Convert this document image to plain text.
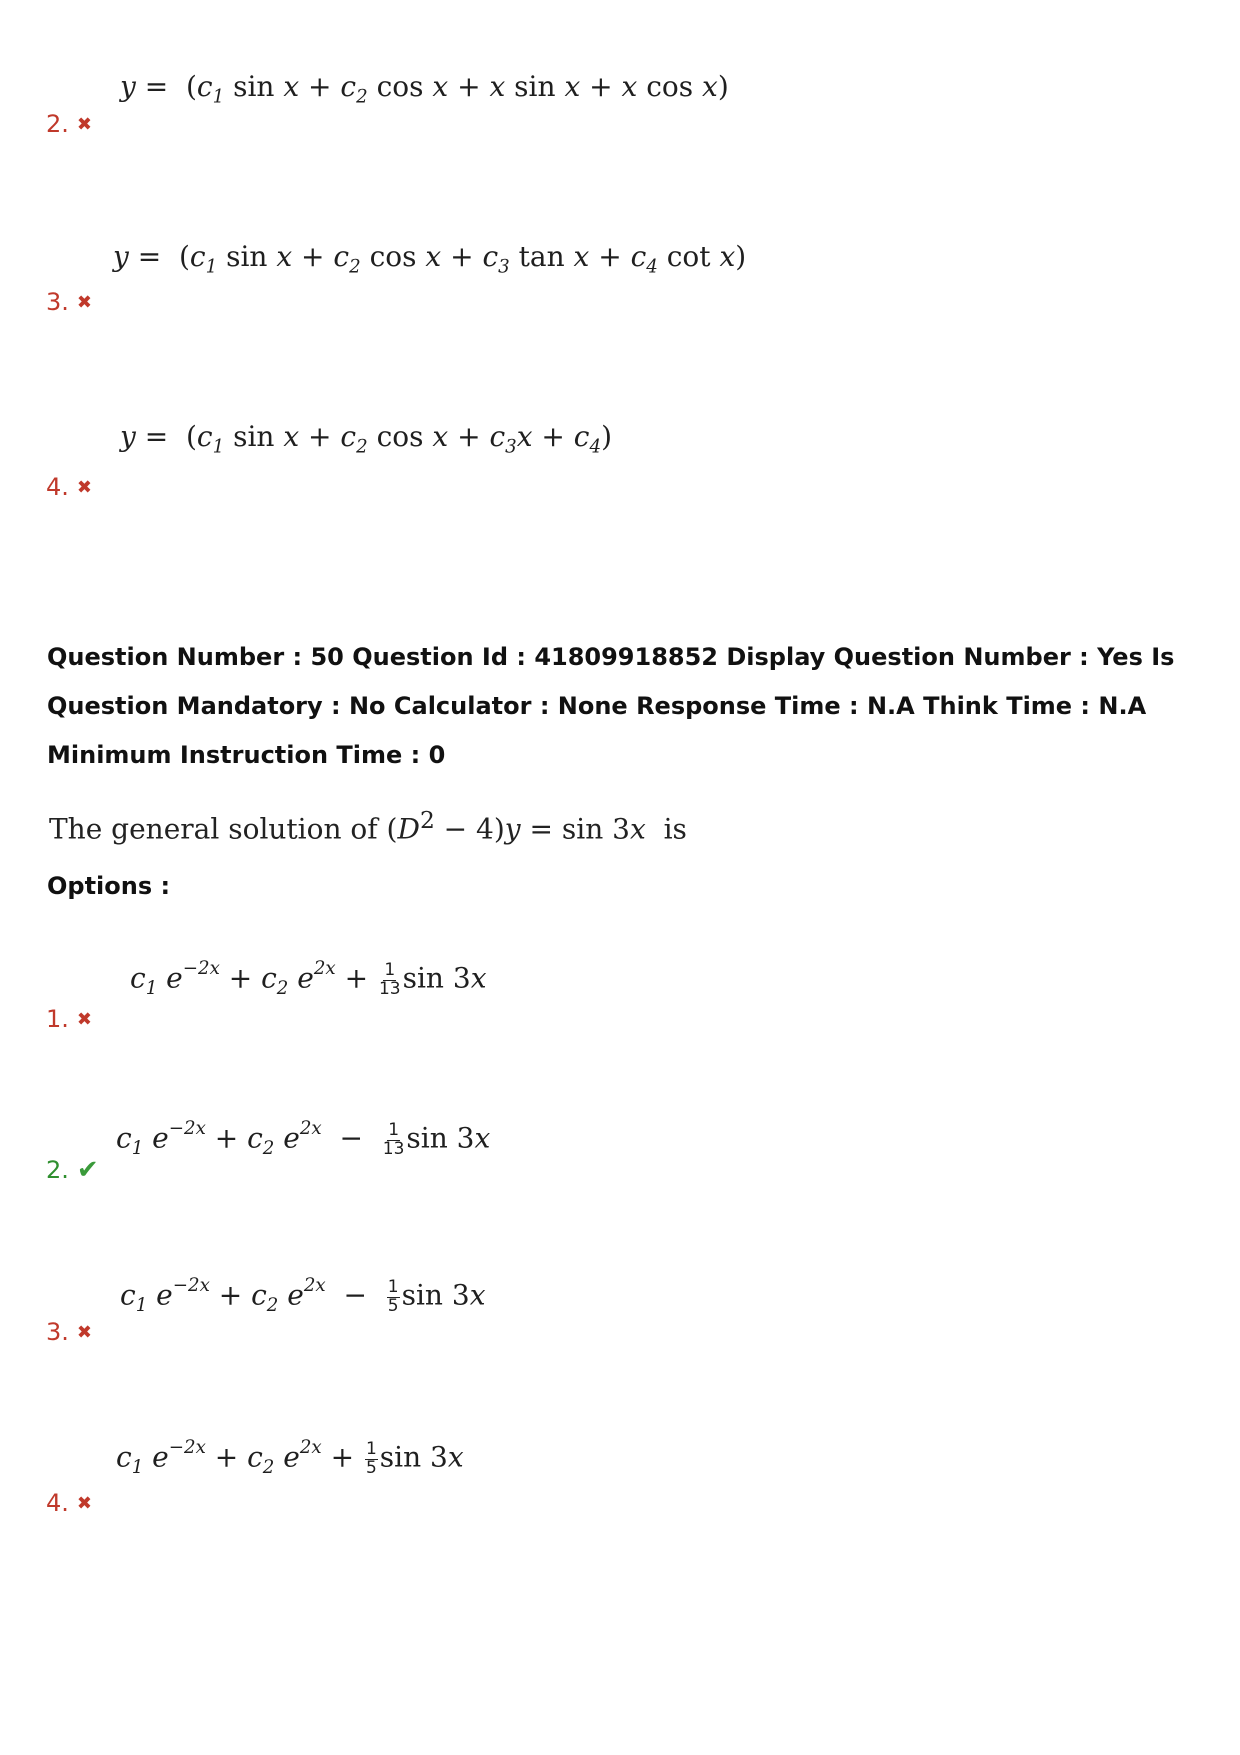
$y = (c_1$ $\sin x + c_2$ cos x + x sin x + x cos x)
2. ✖
$y = (c_1$ $\sin x + c_2$ $\cos x + c_3$ $\tan x + c_4$ cot x)
3. ✖
$y = (c_1$ $\sin x + c_2$ $\cos x + c_3x + c_4$)
4. ✖
Question Number : 50 Question Id : 41809918852 Display Question Number : Yes Is Question Mandatory : No Calculator : None Response Time : N.A Think Time : N.A Minimum Instruction Time : 0
The general solution of $(D^2 - 4)y = \sin 3x$ is
Options :
$c_1$ $e^{-2x} + c_2$ $e^{2x} + \frac{1}{13}$ sin 3x
1. ✖
$c_1$ $e^{-2x} + c_2$ $e^{2x} - \frac{1}{13}$ sin 3x
2. ✔
$c_1$ $e^{-2x} + c_2$ $e^{2x} - \frac{1}{5}$ sin 3x
3. ✖
$c_1$ $e^{-2x} + c_2$ $e^{2x} + \frac{1}{5}$ sin 3x
4. ✖
